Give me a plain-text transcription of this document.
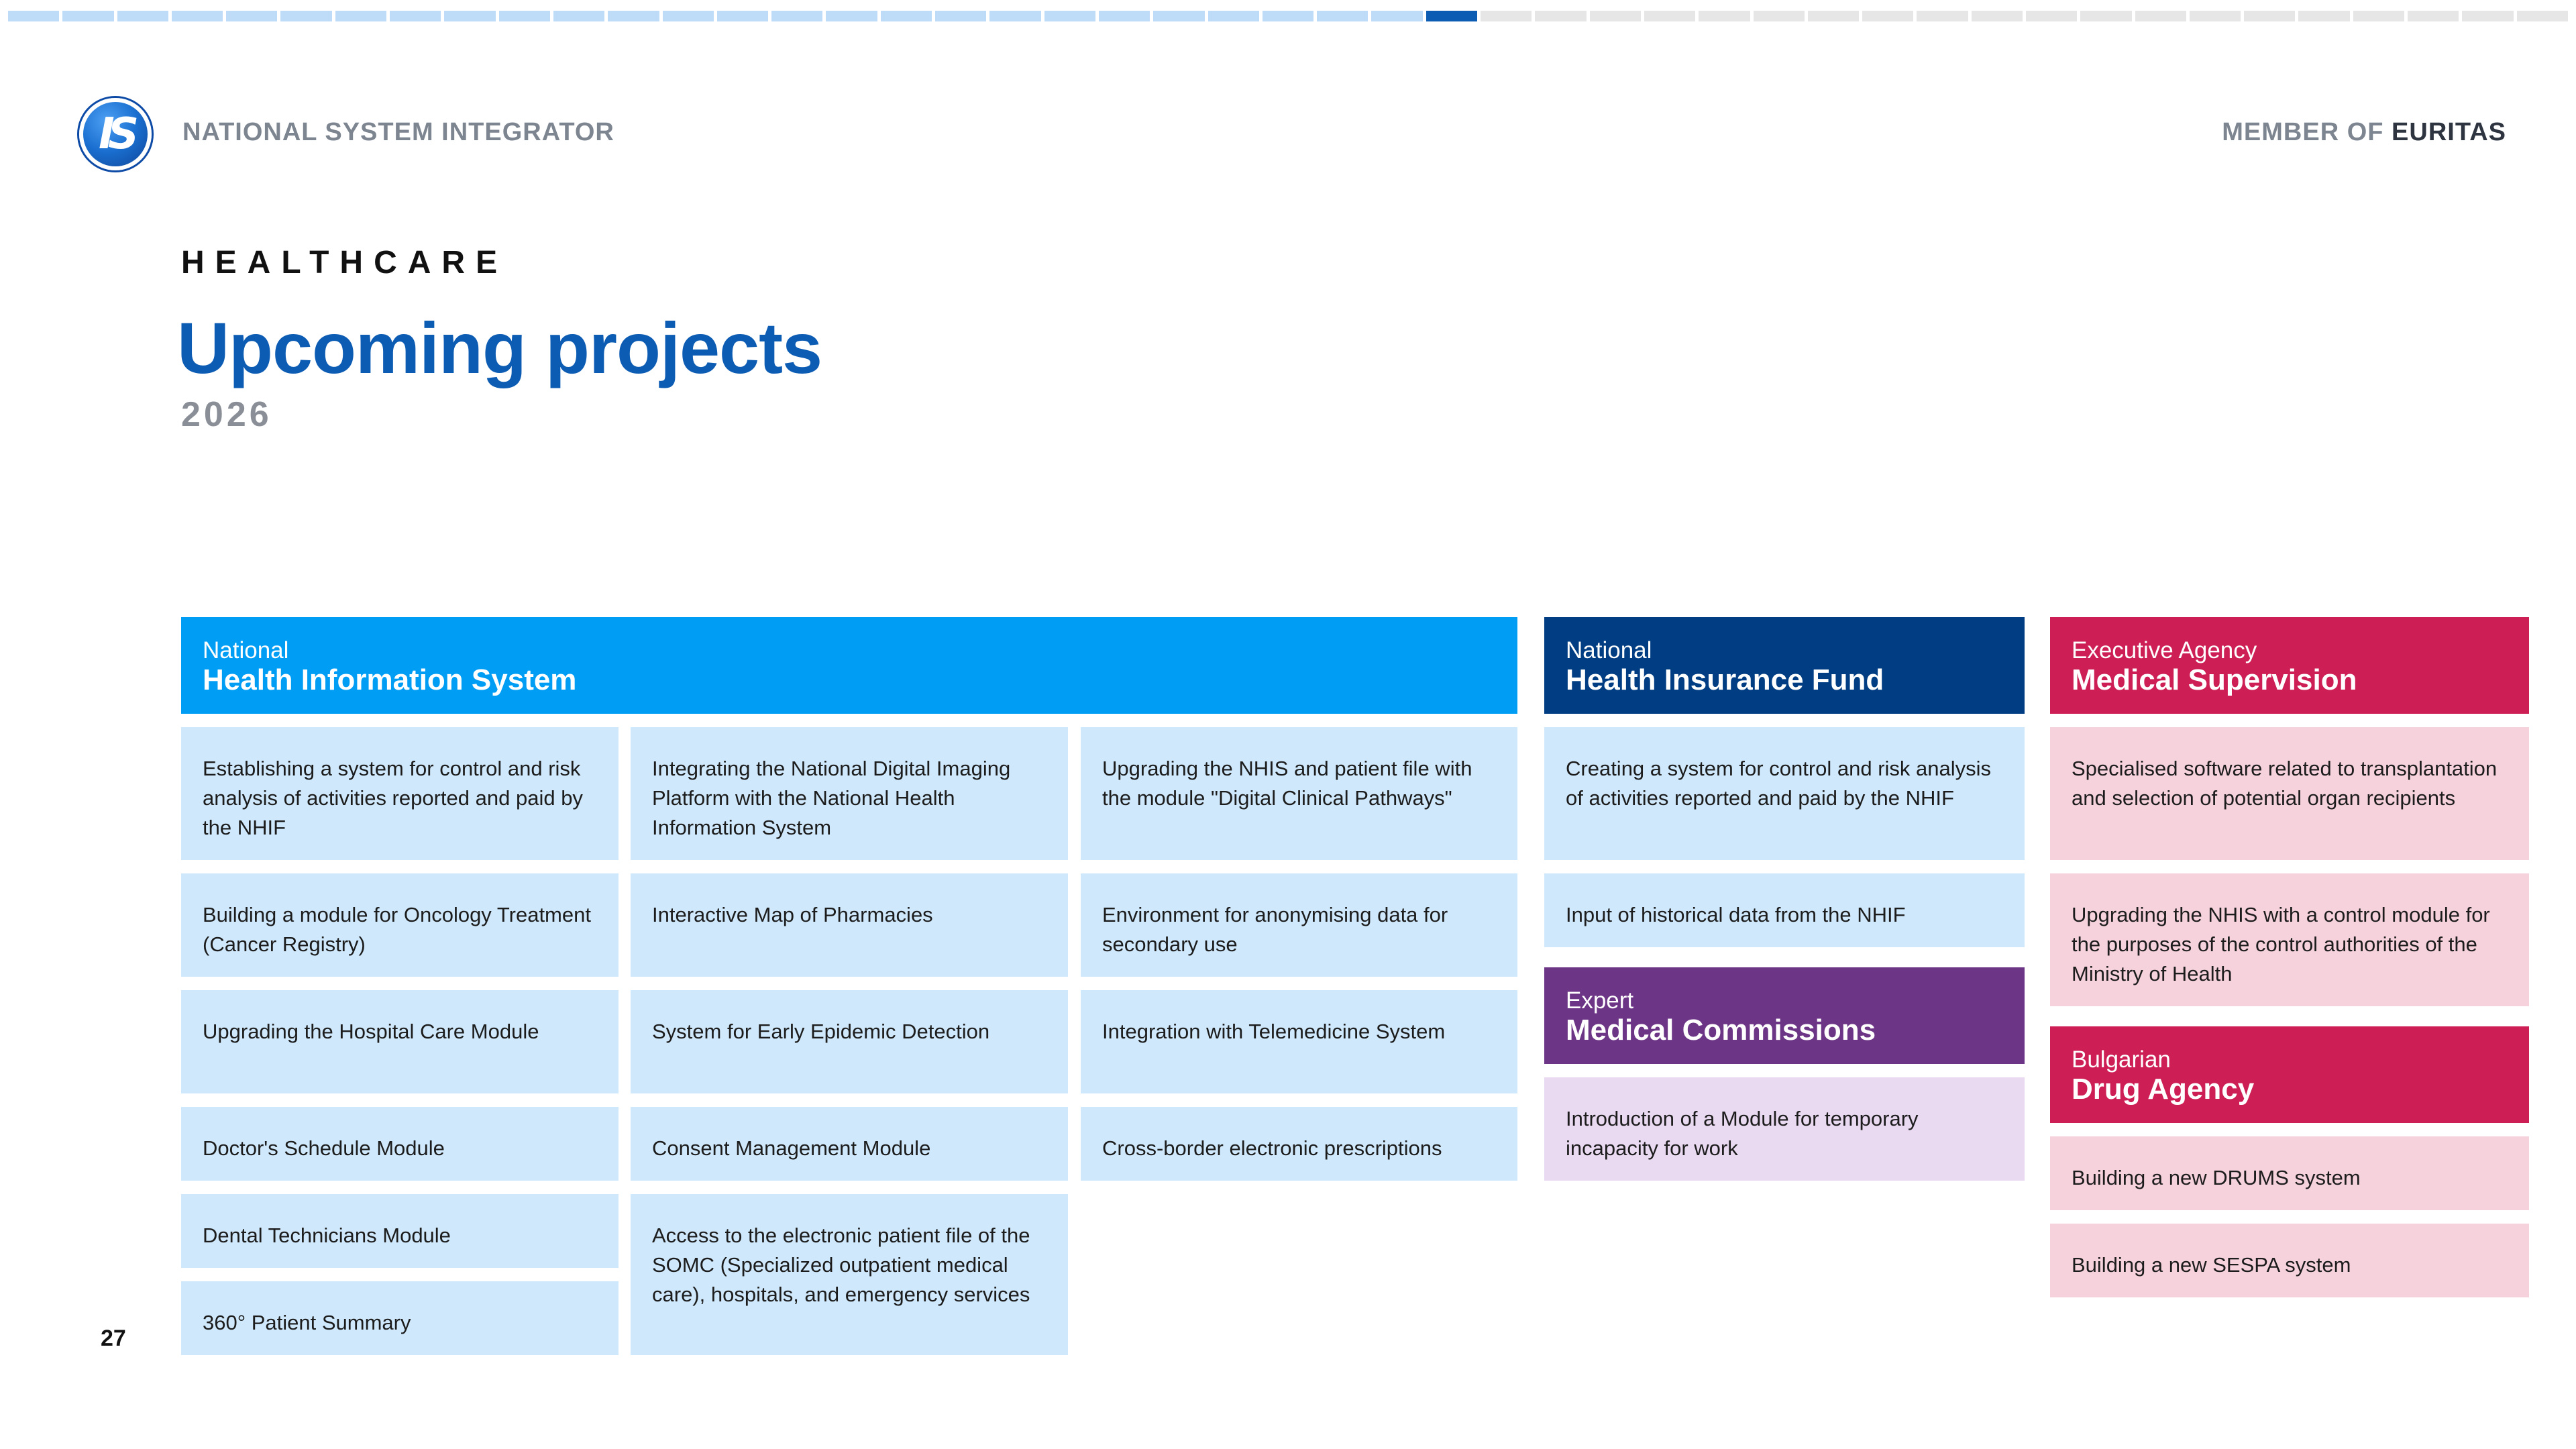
IS	NATIONAL SYSTEM INTEGRATOR	MEMBER OF EURITAS
HEALTHCARE
Upcoming projects
2026
National
Health Information System
Establishing a system for control and risk analysis of activities reported and paid by the NHIF
Integrating the National Digital Imaging Platform with the National Health Information System
Upgrading the NHIS and patient file with the module "Digital Clinical Pathways"
Building a module for Oncology Treatment (Cancer Registry)
Interactive Map of Pharmacies	Environment for anonymising data for secondary use
Upgrading the Hospital Care Module	System for Early Epidemic Detection	Integration with Telemedicine System
Doctor's Schedule Module	Consent Management Module	Cross-border electronic prescriptions
Dental Technicians Module	Access to the electronic patient file of the SOMC (Specialized outpatient medical care), hospitals, and emergency services
360° Patient Summary
National
Health Insurance Fund
Creating a system for control and risk analysis of activities reported and paid by the NHIF
Input of historical data from the NHIF
Expert
Medical Commissions
Introduction of a Module for temporary incapacity for work
Executive Agency
Medical Supervision
Specialised software related to transplantation and selection of potential organ recipients
Upgrading the NHIS with a control module for the purposes of the control authorities of the Ministry of Health
Bulgarian
Drug Agency
Building a new DRUMS system
Building a new SESPA system
27
